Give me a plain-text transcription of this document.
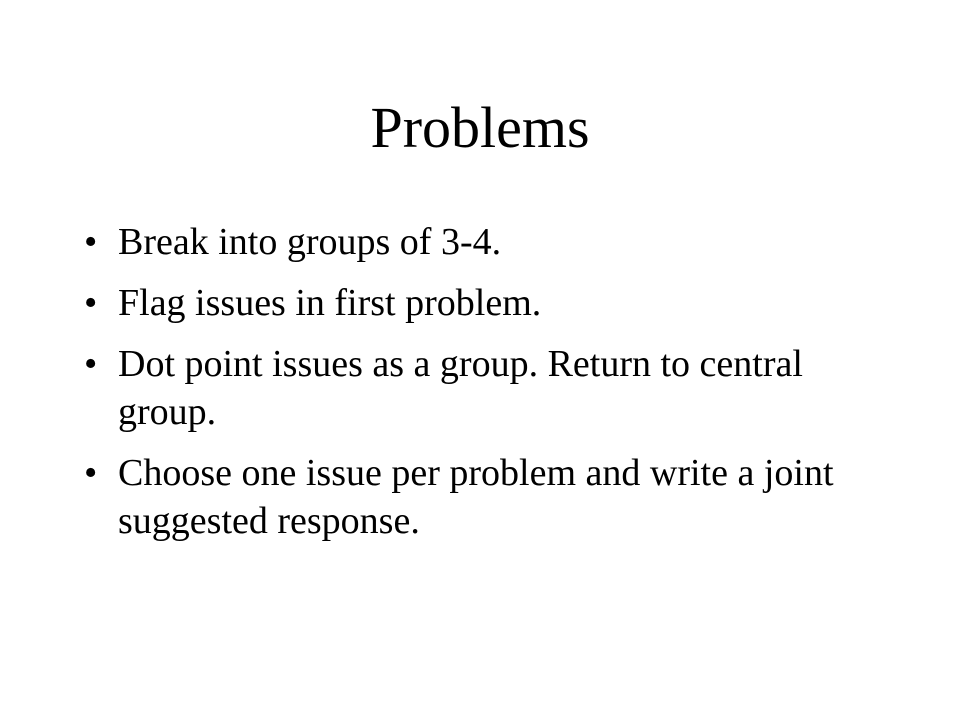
Problems
• Break into groups of 3-4.
• Flag issues in first problem.
• Dot point issues as a group. Return to central group.
• Choose one issue per problem and write a joint suggested response.
